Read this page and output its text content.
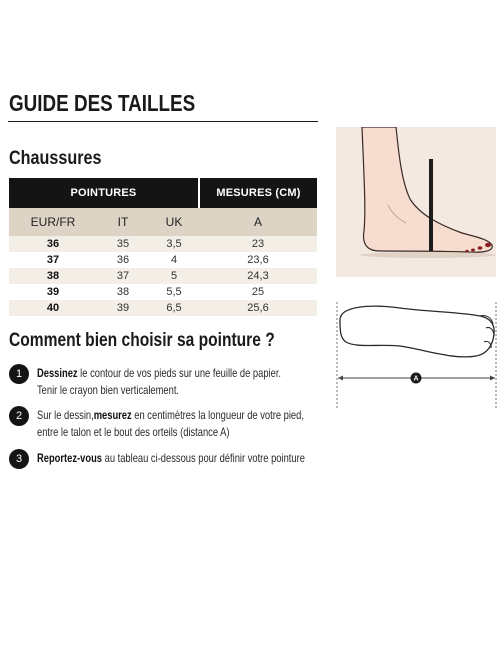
GUIDE DES TAILLES
Chaussures
POINTURES			MESURES (CM)
EUR/FR	IT	UK	A
36	35	3,5	23
37	36	4	23,6
38	37	5	24,3
39	38	5,5	25
40	39	6,5	25,6
Comment bien choisir sa pointure ?
1	Dessinez le contour de vos pieds sur une feuille de papier.
Tenir le crayon bien verticalement.
2	Sur le dessin,mesurez en centimètres la longueur de votre pied,
entre le talon et le bout des orteils (distance A)
3	Reportez-vous au tableau ci-dessous pour définir votre pointure
A
